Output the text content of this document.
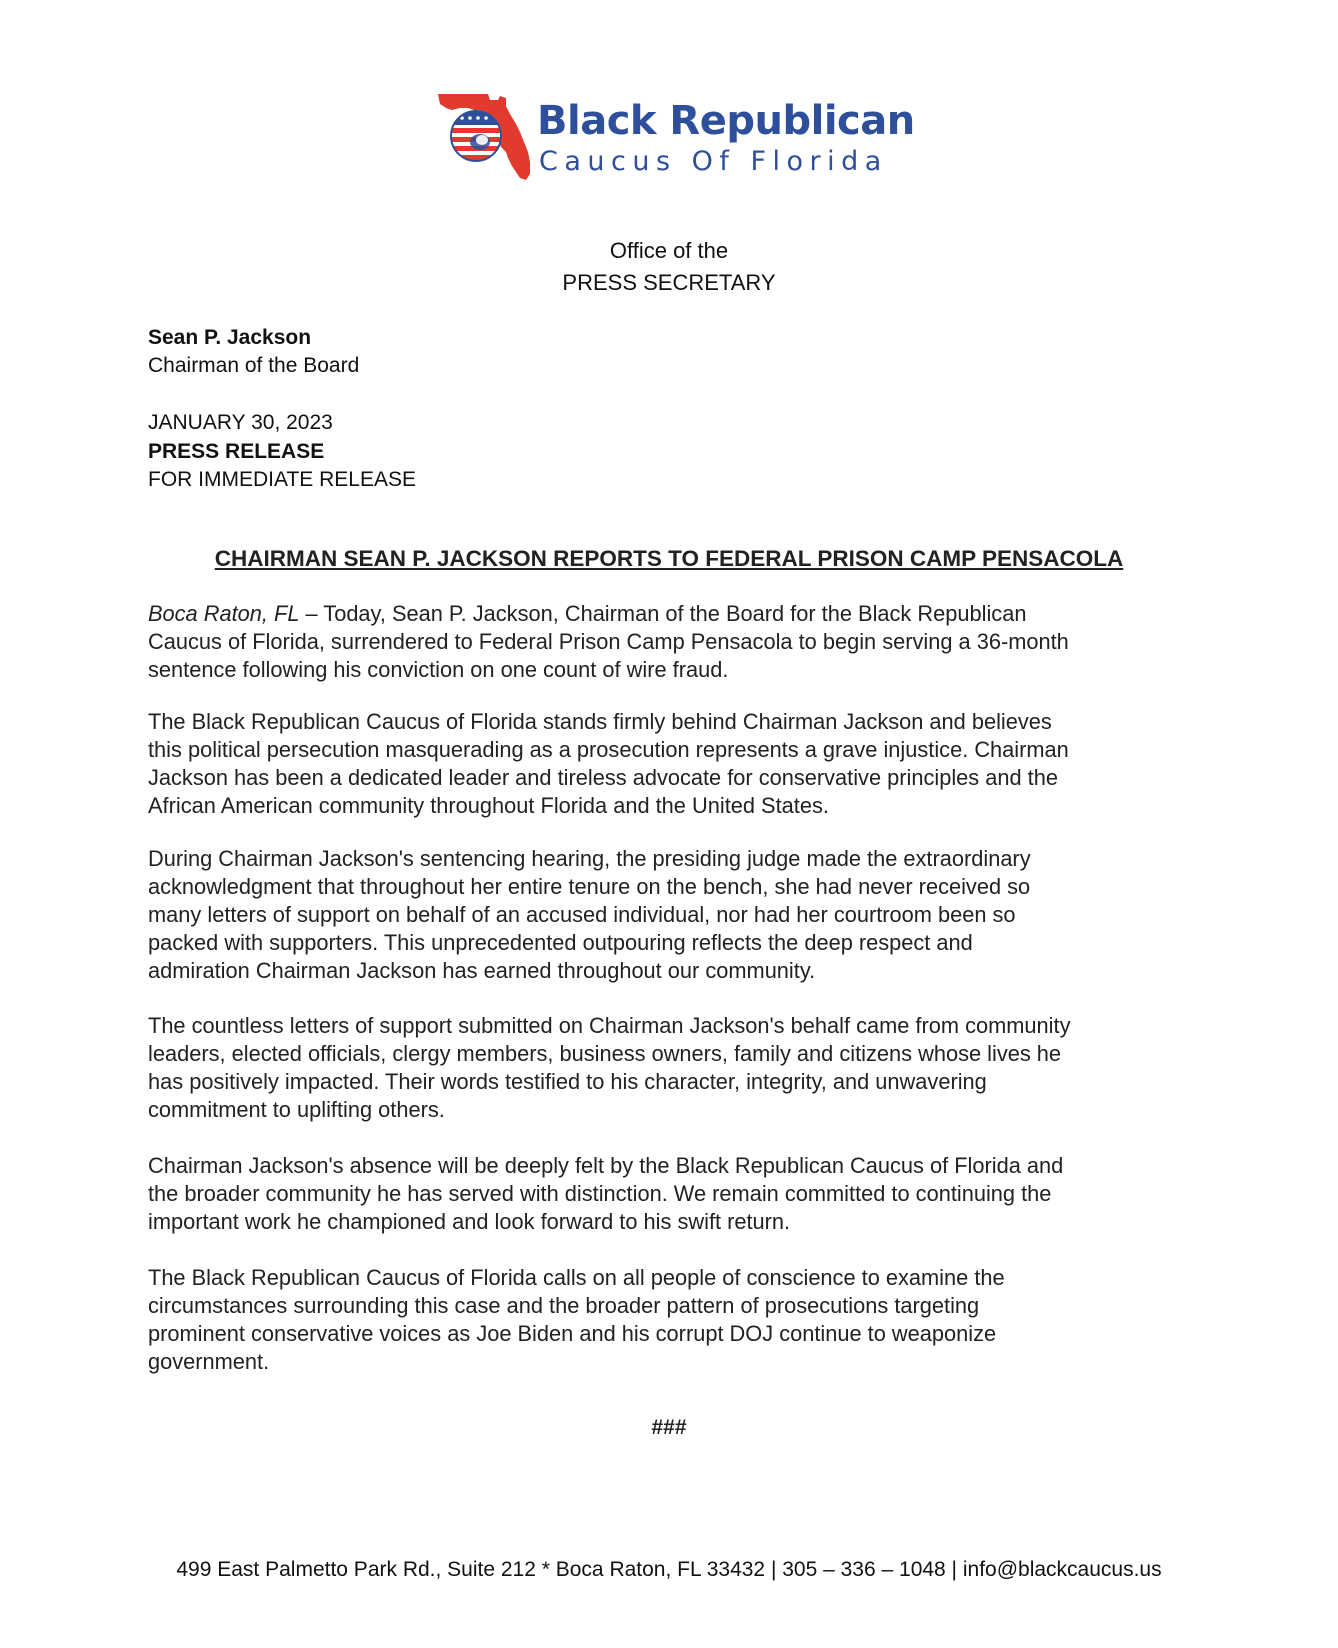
Black Republican
Caucus Of Florida
Office of the
PRESS SECRETARY
Sean P. Jackson
Chairman of the Board
JANUARY 30, 2023
PRESS RELEASE
FOR IMMEDIATE RELEASE
CHAIRMAN SEAN P. JACKSON REPORTS TO FEDERAL PRISON CAMP PENSACOLA
Boca Raton, FL – Today, Sean P. Jackson, Chairman of the Board for the Black Republican
Caucus of Florida, surrendered to Federal Prison Camp Pensacola to begin serving a 36-month
sentence following his conviction on one count of wire fraud.
The Black Republican Caucus of Florida stands firmly behind Chairman Jackson and believes
this political persecution masquerading as a prosecution represents a grave injustice. Chairman
Jackson has been a dedicated leader and tireless advocate for conservative principles and the
African American community throughout Florida and the United States.
During Chairman Jackson's sentencing hearing, the presiding judge made the extraordinary
acknowledgment that throughout her entire tenure on the bench, she had never received so
many letters of support on behalf of an accused individual, nor had her courtroom been so
packed with supporters. This unprecedented outpouring reflects the deep respect and
admiration Chairman Jackson has earned throughout our community.
The countless letters of support submitted on Chairman Jackson's behalf came from community
leaders, elected officials, clergy members, business owners, family and citizens whose lives he
has positively impacted. Their words testified to his character, integrity, and unwavering
commitment to uplifting others.
Chairman Jackson's absence will be deeply felt by the Black Republican Caucus of Florida and
the broader community he has served with distinction. We remain committed to continuing the
important work he championed and look forward to his swift return.
The Black Republican Caucus of Florida calls on all people of conscience to examine the
circumstances surrounding this case and the broader pattern of prosecutions targeting
prominent conservative voices as Joe Biden and his corrupt DOJ continue to weaponize
government.
###
499 East Palmetto Park Rd., Suite 212 * Boca Raton, FL 33432 | 305 – 336 – 1048 | info@blackcaucus.us
